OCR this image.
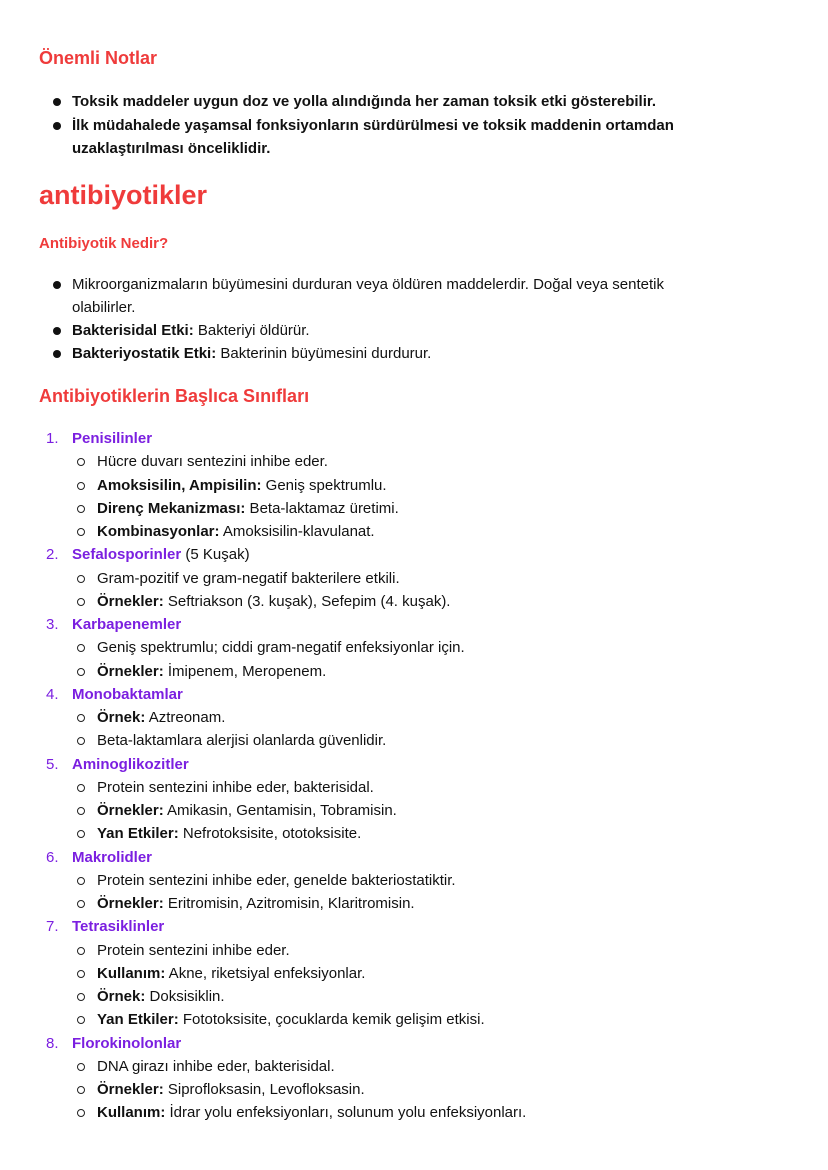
Önemli Notlar
Toksik maddeler uygun doz ve yolla alındığında her zaman toksik etki gösterebilir.
İlk müdahalede yaşamsal fonksiyonların sürdürülmesi ve toksik maddenin ortamdan
uzaklaştırılması önceliklidir.
antibiyotikler
Antibiyotik Nedir?
Mikroorganizmaların büyümesini durduran veya öldüren maddelerdir. Doğal veya sentetik
olabilirler.
Bakterisidal Etki: Bakteriyi öldürür.
Bakteriyostatik Etki: Bakterinin büyümesini durdurur.
Antibiyotiklerin Başlıca Sınıfları
1. Penisilinler
Hücre duvarı sentezini inhibe eder.
Amoksisilin, Ampisilin: Geniş spektrumlu.
Direnç Mekanizması: Beta-laktamaz üretimi.
Kombinasyonlar: Amoksisilin-klavulanat.
2. Sefalosporinler (5 Kuşak)
Gram-pozitif ve gram-negatif bakterilere etkili.
Örnekler: Seftriakson (3. kuşak), Sefepim (4. kuşak).
3. Karbapenemler
Geniş spektrumlu; ciddi gram-negatif enfeksiyonlar için.
Örnekler: İmipenem, Meropenem.
4. Monobaktamlar
Örnek: Aztreonam.
Beta-laktamlara alerjisi olanlarda güvenlidir.
5. Aminoglikozitler
Protein sentezini inhibe eder, bakterisidal.
Örnekler: Amikasin, Gentamisin, Tobramisin.
Yan Etkiler: Nefrotoksisite, ototoksisite.
6. Makrolidler
Protein sentezini inhibe eder, genelde bakteriostatiktir.
Örnekler: Eritromisin, Azitromisin, Klaritromisin.
7. Tetrasiklinler
Protein sentezini inhibe eder.
Kullanım: Akne, riketsiyal enfeksiyonlar.
Örnek: Doksisiklin.
Yan Etkiler: Fototoksisite, çocuklarda kemik gelişim etkisi.
8. Florokinolonlar
DNA girazı inhibe eder, bakterisidal.
Örnekler: Siprofloksasin, Levofloksasin.
Kullanım: İdrar yolu enfeksiyonları, solunum yolu enfeksiyonları.
